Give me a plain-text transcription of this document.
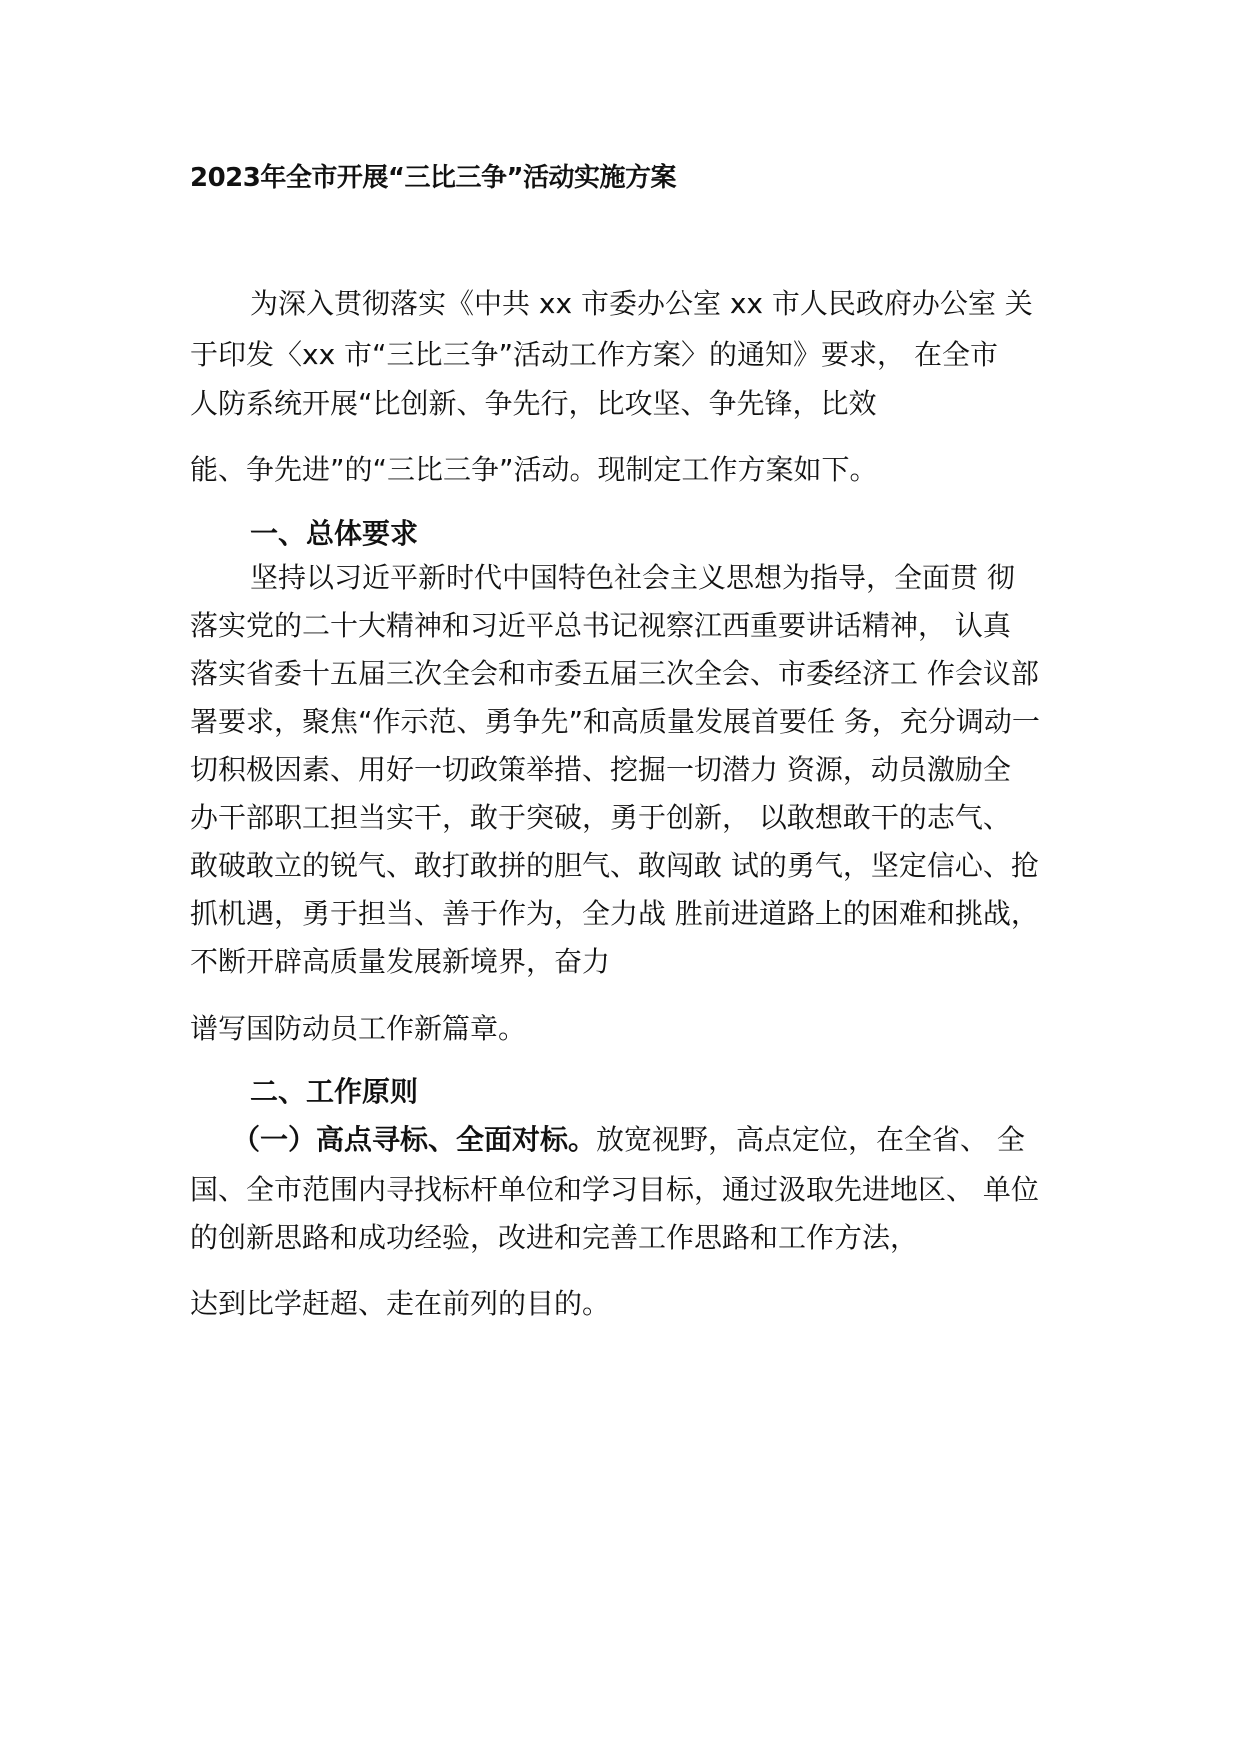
2023年全市开展“三比三争”活动实施方案
为深入贯彻落实《中共 xx 市委办公室 xx 市人民政府办公室 关
于印发〈xx 市“三比三争”活动工作方案〉的通知》要求， 在全市
人防系统开展“比创新、争先行，比攻坚、争先锋，比效
能、争先进”的“三比三争”活动。现制定工作方案如下。
一、总体要求
坚持以习近平新时代中国特色社会主义思想为指导，全面贯 彻
落实党的二十大精神和习近平总书记视察江西重要讲话精神， 认真
落实省委十五届三次全会和市委五届三次全会、市委经济工 作会议部
署要求，聚焦“作示范、勇争先”和高质量发展首要任 务，充分调动一
切积极因素、用好一切政策举措、挖掘一切潜力 资源，动员激励全
办干部职工担当实干，敢于突破，勇于创新， 以敢想敢干的志气、
敢破敢立的锐气、敢打敢拼的胆气、敢闯敢 试的勇气，坚定信心、抢
抓机遇，勇于担当、善于作为，全力战 胜前进道路上的困难和挑战，
不断开辟高质量发展新境界，奋力
谱写国防动员工作新篇章。
二、工作原则
（一）高点寻标、全面对标。放宽视野，高点定位，在全省、 全
国、全市范围内寻找标杆单位和学习目标，通过汲取先进地区、 单位
的创新思路和成功经验，改进和完善工作思路和工作方法，
达到比学赶超、走在前列的目的。
